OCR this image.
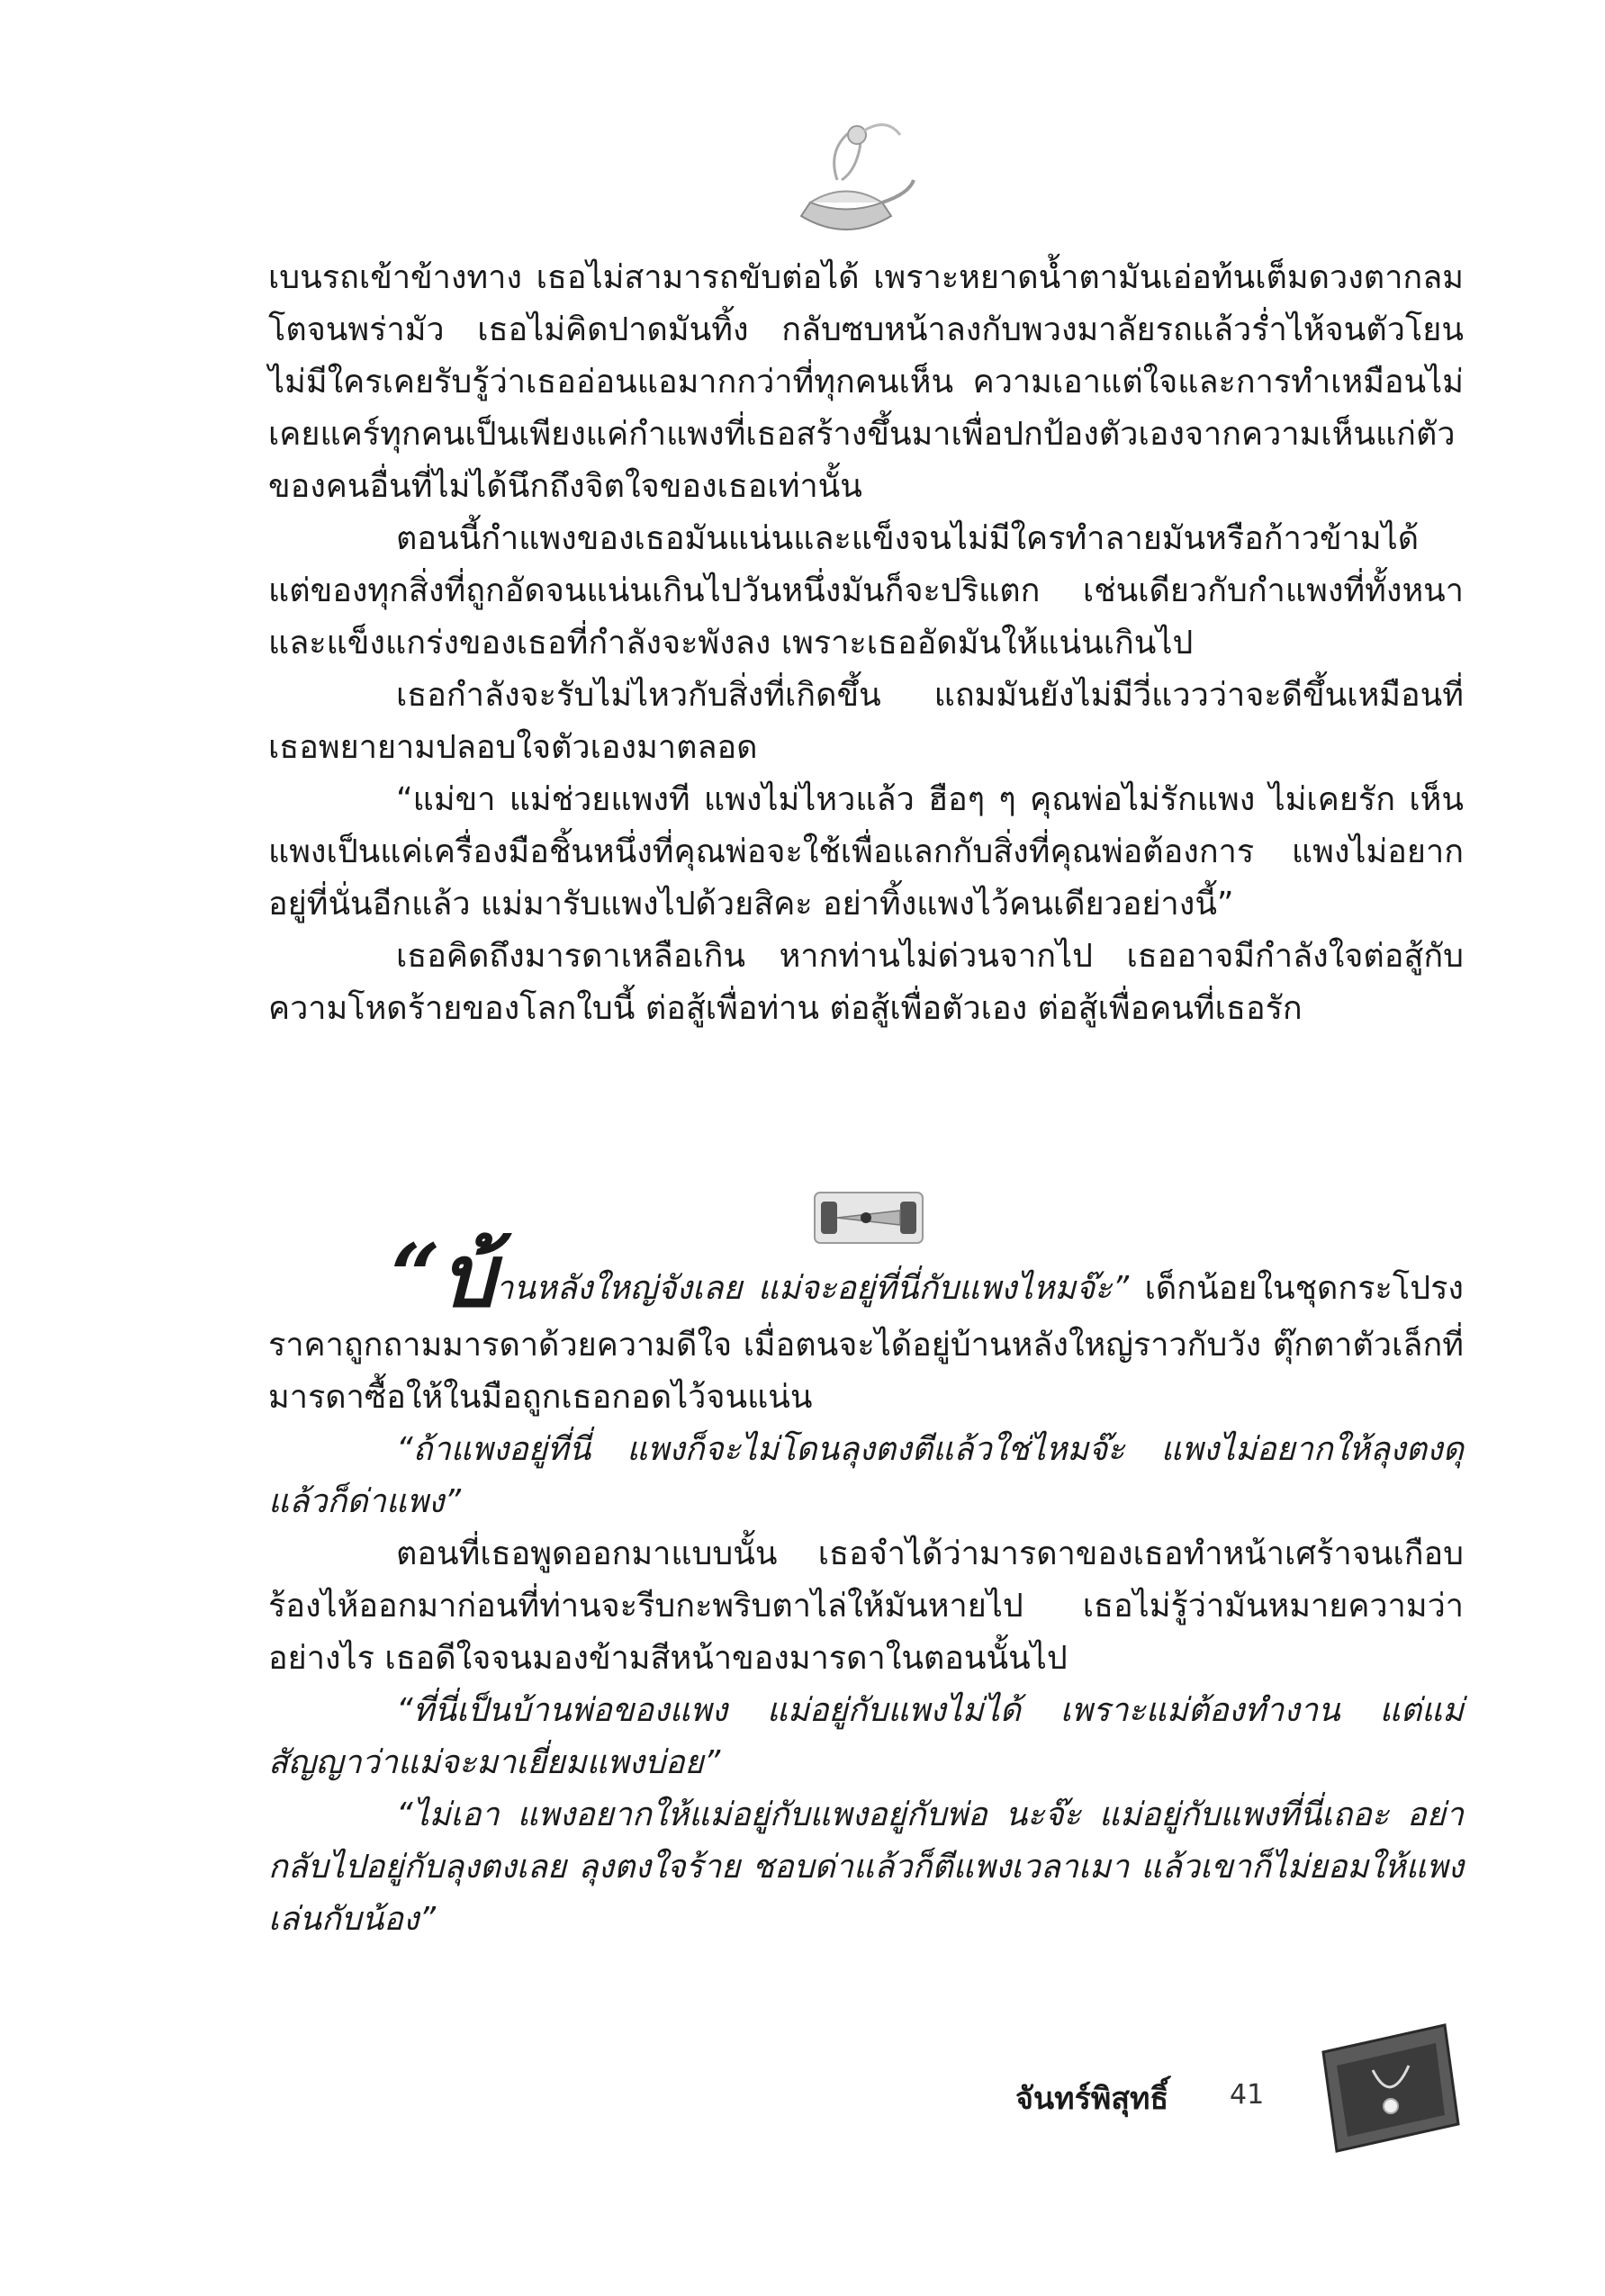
เบนรถเข้าข้างทาง เธอไม่สามารถขับต่อได้ เพราะหยาดน้ำตามันเอ่อท้นเต็มดวงตากลมโตจนพร่ามัว เธอไม่คิดปาดมันทิ้ง กลับซบหน้าลงกับพวงมาลัยรถแล้วร่ำไห้จนตัวโยน ไม่มีใครเคยรับรู้ว่าเธออ่อนแอมากกว่าที่ทุกคนเห็น ความเอาแต่ใจและการทำเหมือนไม่เคยแคร์ทุกคนเป็นเพียงแค่กำแพงที่เธอสร้างขึ้นมาเพื่อปกป้องตัวเองจากความเห็นแก่ตัวของคนอื่นที่ไม่ได้นึกถึงจิตใจของเธอเท่านั้น

ตอนนี้กำแพงของเธอมันแน่นและแข็งจนไม่มีใครทำลายมันหรือก้าวข้ามได้ แต่ของทุกสิ่งที่ถูกอัดจนแน่นเกินไปวันหนึ่งมันก็จะปริแตก เช่นเดียวกับกำแพงที่ทั้งหนาและแข็งแกร่งของเธอที่กำลังจะพังลง เพราะเธออัดมันให้แน่นเกินไป

เธอกำลังจะรับไม่ไหวกับสิ่งที่เกิดขึ้น แถมมันยังไม่มีวี่แววว่าจะดีขึ้นเหมือนที่เธอพยายามปลอบใจตัวเองมาตลอด

“แม่ขา แม่ช่วยแพงที แพงไม่ไหวแล้ว ฮือๆ ๆ คุณพ่อไม่รักแพง ไม่เคยรัก เห็นแพงเป็นแค่เครื่องมือชิ้นหนึ่งที่คุณพ่อจะใช้เพื่อแลกกับสิ่งที่คุณพ่อต้องการ แพงไม่อยากอยู่ที่นั่นอีกแล้ว แม่มารับแพงไปด้วยสิคะ อย่าทิ้งแพงไว้คนเดียวอย่างนี้”

เธอคิดถึงมารดาเหลือเกิน หากท่านไม่ด่วนจากไป เธออาจมีกำลังใจต่อสู้กับความโหดร้ายของโลกใบนี้ ต่อสู้เพื่อท่าน ต่อสู้เพื่อตัวเอง ต่อสู้เพื่อคนที่เธอรัก

“บ้านหลังใหญ่จังเลย แม่จะอยู่ที่นี่กับแพงไหมจ๊ะ” เด็กน้อยในชุดกระโปรงราคาถูกถามมารดาด้วยความดีใจ เมื่อตนจะได้อยู่บ้านหลังใหญ่ราวกับวัง ตุ๊กตาตัวเล็กที่มารดาซื้อให้ในมือถูกเธอกอดไว้จนแน่น

“ถ้าแพงอยู่ที่นี่ แพงก็จะไม่โดนลุงตงตีแล้วใช่ไหมจ๊ะ แพงไม่อยากให้ลุงตงดุแล้วก็ด่าแพง”

ตอนที่เธอพูดออกมาแบบนั้น เธอจำได้ว่ามารดาของเธอทำหน้าเศร้าจนเกือบร้องไห้ออกมาก่อนที่ท่านจะรีบกะพริบตาไล่ให้มันหายไป เธอไม่รู้ว่ามันหมายความว่าอย่างไร เธอดีใจจนมองข้ามสีหน้าของมารดาในตอนนั้นไป

“ที่นี่เป็นบ้านพ่อของแพง แม่อยู่กับแพงไม่ได้ เพราะแม่ต้องทำงาน แต่แม่สัญญาว่าแม่จะมาเยี่ยมแพงบ่อย”

“ไม่เอา แพงอยากให้แม่อยู่กับแพงอยู่กับพ่อ นะจ๊ะ แม่อยู่กับแพงที่นี่เถอะ อย่ากลับไปอยู่กับลุงตงเลย ลุงตงใจร้าย ชอบด่าแล้วก็ตีแพงเวลาเมา แล้วเขาก็ไม่ยอมให้แพงเล่นกับน้อง”

จันทร์พิสุทธิ์ 41
